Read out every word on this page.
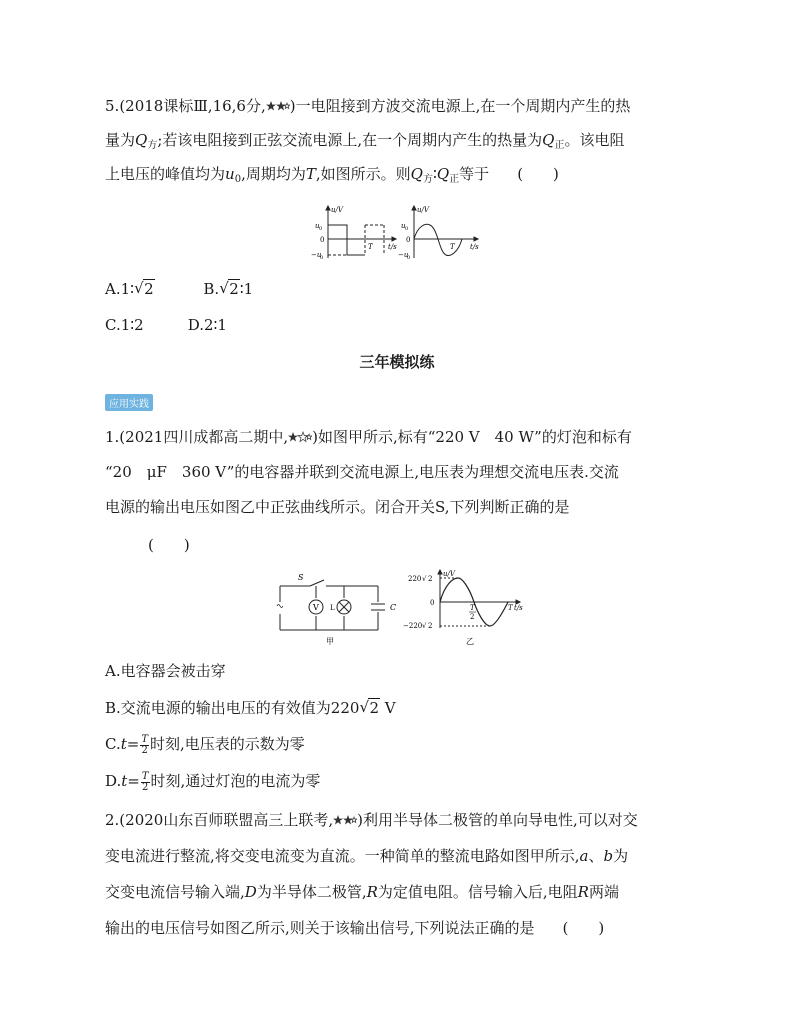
5.(2018课标Ⅲ,16,6分, )一电阻接到方波交流电源上,在一个周期内产生的热
量为$Q_方$;若该电阻接到正弦交流电源上,在一个周期内产生的热量为$Q_正$。该电阻
上电压的峰值均为$u_0$,周期均为T,如图所示。则$Q_方∶Q_正$等于 (　　)
u/V
u 0
0
−u
0
T t/s
u/V
u 0
0
−u
0
T t/s
A.1∶ √ 2	B. √ 2∶1
C.1∶2	D.2∶1
三年模拟练
应用实践
1.(2021四川成都高二期中, )如图甲所示,标有“220 V　40 W”的灯泡和标有
“20　μF　360 V”的电容器并联到交流电源上,电压表为理想交流电压表.交流
电源的输出电压如图乙中正弦曲线所示。闭合开关S,下列判断正确的是
(　　)
S
V L	C
甲
u/V
220 √ 2
0
−220 √ 2
T
2
T t/s
乙
A.电容器会被击穿
B.交流电源的输出电压的有效值为220 √ 2 V
$C.t= \frac{T}{2}$ 时刻,电压表的示数为零
$D.t= \frac{T}{2}$ 时刻,通过灯泡的电流为零
2.(2020山东百师联盟高三上联考, )利用半导体二极管的单向导电性,可以对交
变电流进行整流,将交变电流变为直流。一种简单的整流电路如图甲所示,a、b为
交变电流信号输入端,D为半导体二极管,R为定值电阻。信号输入后,电阻R两端
输出的电压信号如图乙所示,则关于该输出信号,下列说法正确的是 (　　)
